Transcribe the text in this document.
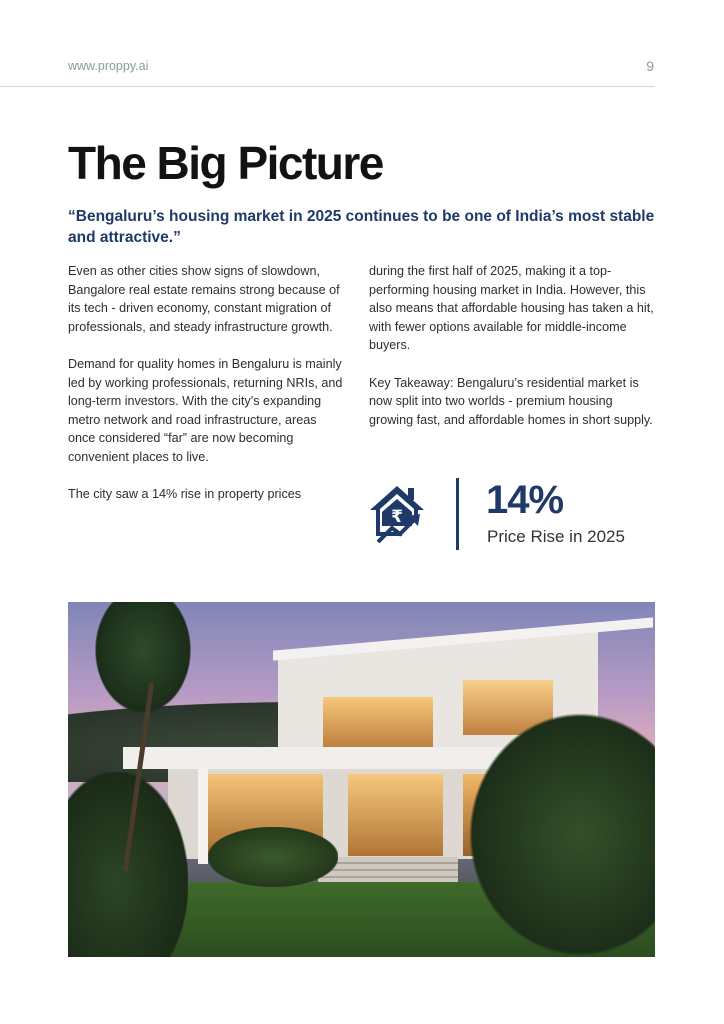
www.proppy.ai	9
The Big Picture
“Bengaluru’s housing market in 2025 continues to be one of India’s most stable and attractive.”

Even as other cities show signs of slowdown, Bangalore real estate remains strong because of its tech - driven economy, constant migration of professionals, and steady infrastructure growth.

Demand for quality homes in Bengaluru is mainly led by working professionals, returning NRIs, and long-term investors. With the city’s expanding metro network and road infrastructure, areas once considered “far” are now becoming convenient places to live.

The city saw a 14% rise in property prices

during the first half of 2025, making it a top-performing housing market in India. However, this also means that affordable housing has taken a hit, with fewer options available for middle-income buyers.

Key Takeaway: Bengaluru’s residential market is now split into two worlds - premium housing growing fast, and affordable homes in short supply.

₹ 14%
Price Rise in 2025
